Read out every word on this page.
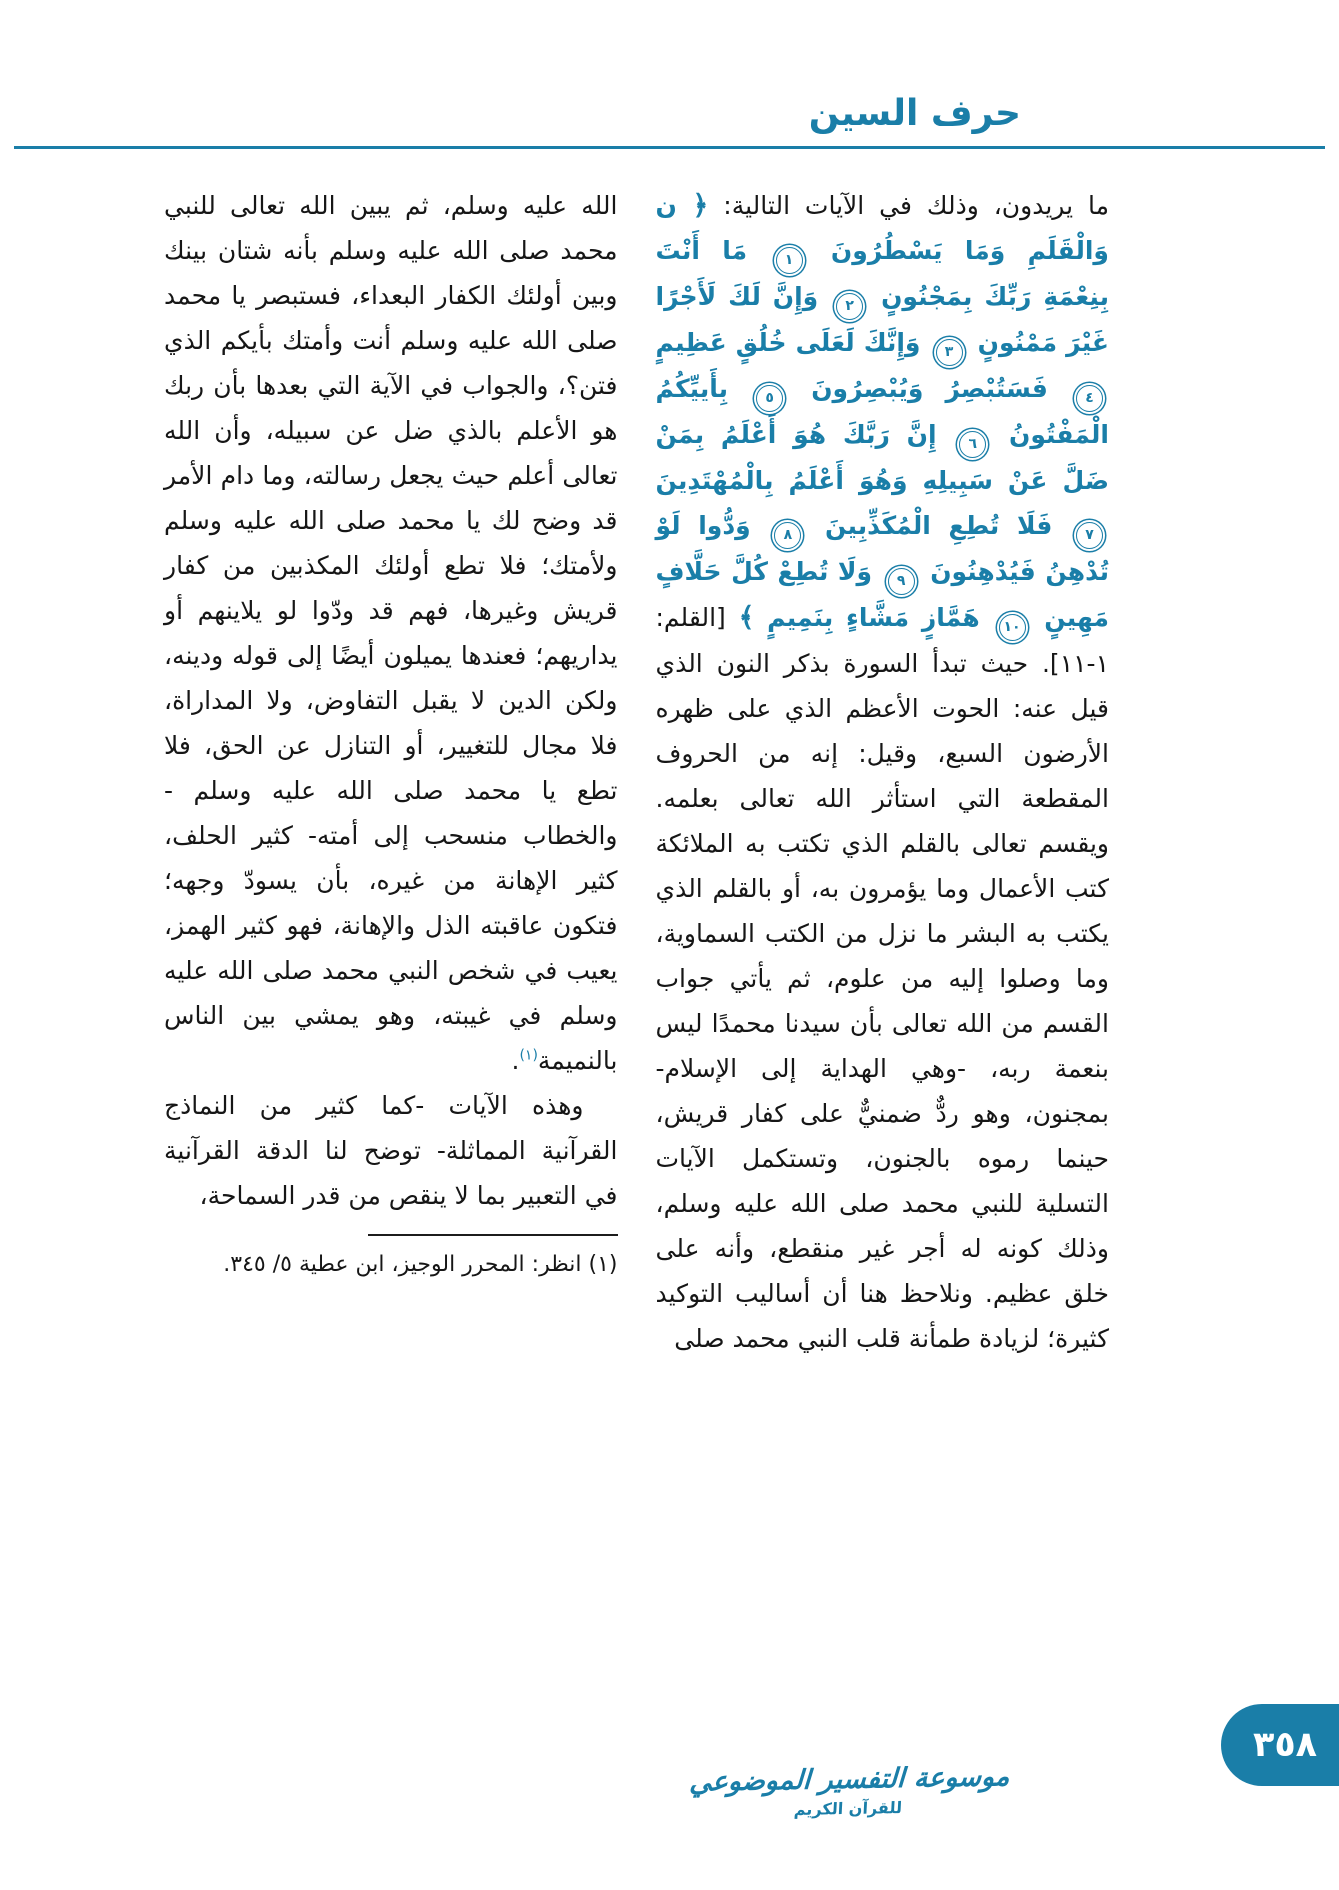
حرف السين

ما يريدون، وذلك في الآيات التالية: ﴿ ن وَالْقَلَمِ وَمَا يَسْطُرُونَ ١ مَا أَنْتَ بِنِعْمَةِ رَبِّكَ بِمَجْنُونٍ ٢ وَإِنَّ لَكَ لَأَجْرًا غَيْرَ مَمْنُونٍ ٣ وَإِنَّكَ لَعَلَى خُلُقٍ عَظِيمٍ ٤ فَسَتُبْصِرُ وَيُبْصِرُونَ ٥ بِأَييِّكُمُ الْمَفْتُونُ ٦ إِنَّ رَبَّكَ هُوَ أَعْلَمُ بِمَنْ ضَلَّ عَنْ سَبِيلِهِ وَهُوَ أَعْلَمُ بِالْمُهْتَدِينَ ٧ فَلَا تُطِعِ الْمُكَذِّبِينَ ٨ وَدُّوا لَوْ تُدْهِنُ فَيُدْهِنُونَ ٩ وَلَا تُطِعْ كُلَّ حَلَّافٍ مَهِينٍ ١٠ هَمَّازٍ مَشَّاءٍ بِنَمِيمٍ ﴾ [القلم: ١-١١]. حيث تبدأ السورة بذكر النون الذي قيل عنه: الحوت الأعظم الذي على ظهره الأرضون السبع، وقيل: إنه من الحروف المقطعة التي استأثر الله تعالى بعلمه. ويقسم تعالى بالقلم الذي تكتب به الملائكة كتب الأعمال وما يؤمرون به، أو بالقلم الذي يكتب به البشر ما نزل من الكتب السماوية، وما وصلوا إليه من علوم، ثم يأتي جواب القسم من الله تعالى بأن سيدنا محمدًا ليس بنعمة ربه، -وهي الهداية إلى الإسلام- بمجنون، وهو ردٌّ ضمنيٌّ على كفار قريش، حينما رموه بالجنون، وتستكمل الآيات التسلية للنبي محمد صلى الله عليه وسلم، وذلك كونه له أجر غير منقطع، وأنه على خلق عظيم. ونلاحظ هنا أن أساليب التوكيد كثيرة؛ لزيادة طمأنة قلب النبي محمد صلى

الله عليه وسلم، ثم يبين الله تعالى للنبي محمد صلى الله عليه وسلم بأنه شتان بينك وبين أولئك الكفار البعداء، فستبصر يا محمد صلى الله عليه وسلم أنت وأمتك بأيكم الذي فتن؟، والجواب في الآية التي بعدها بأن ربك هو الأعلم بالذي ضل عن سبيله، وأن الله تعالى أعلم حيث يجعل رسالته، وما دام الأمر قد وضح لك يا محمد صلى الله عليه وسلم ولأمتك؛ فلا تطع أولئك المكذبين من كفار قريش وغيرها، فهم قد ودّوا لو يلاينهم أو يداريهم؛ فعندها يميلون أيضًا إلى قوله ودينه، ولكن الدين لا يقبل التفاوض، ولا المداراة، فلا مجال للتغيير، أو التنازل عن الحق، فلا تطع يا محمد صلى الله عليه وسلم - والخطاب منسحب إلى أمته- كثير الحلف، كثير الإهانة من غيره، بأن يسودّ وجهه؛ فتكون عاقبته الذل والإهانة، فهو كثير الهمز، يعيب في شخص النبي محمد صلى الله عليه وسلم في غيبته، وهو يمشي بين الناس بالنميمة$^{(١)}$.

وهذه الآيات -كما كثير من النماذج القرآنية المماثلة- توضح لنا الدقة القرآنية في التعبير بما لا ينقص من قدر السماحة،

(١) انظر: المحرر الوجيز، ابن عطية ٥/ ٣٤٥.

موسوعة التفسير الموضوعي
للقرآن الكريم
٣٥٨
